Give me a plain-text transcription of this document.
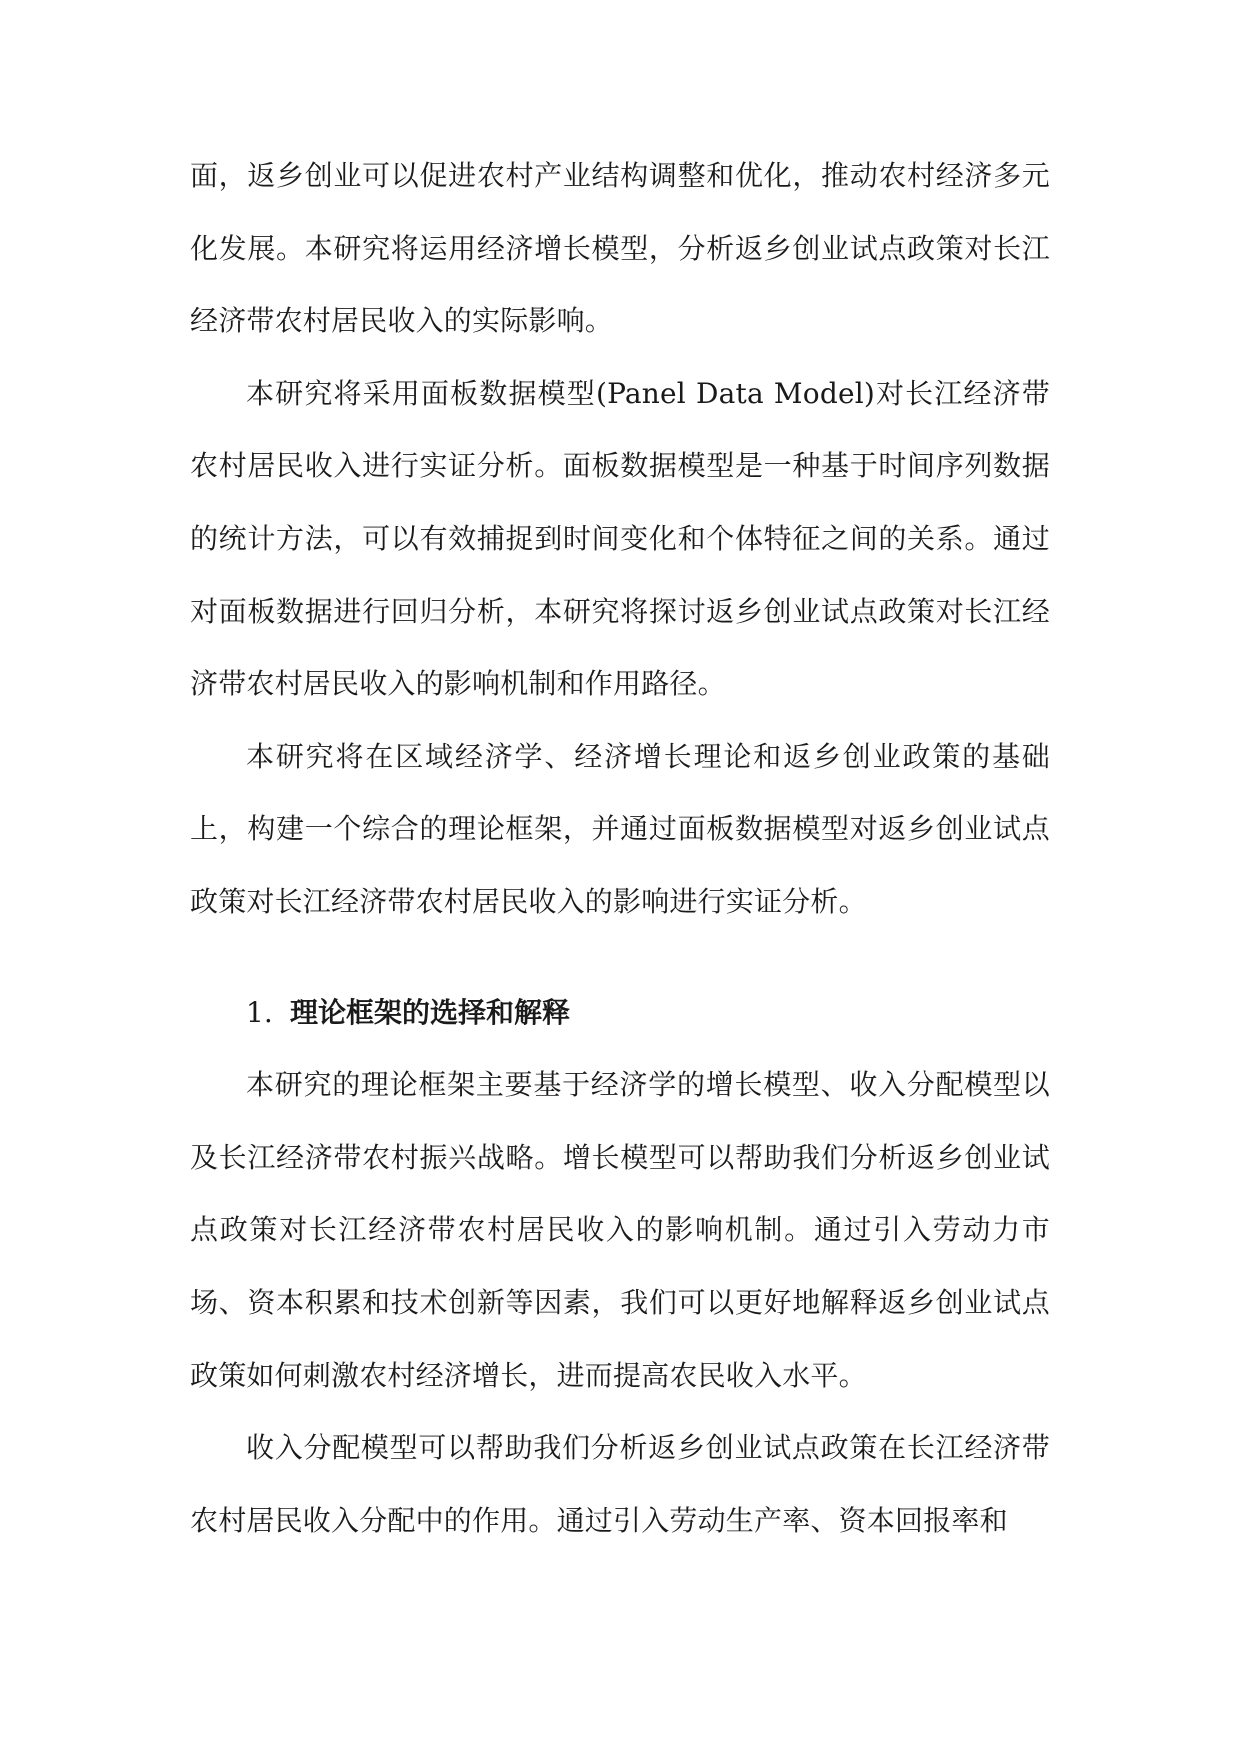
面，返乡创业可以促进农村产业结构调整和优化，推动农村经济多元化发展。本研究将运用经济增长模型，分析返乡创业试点政策对长江经济带农村居民收入的实际影响。

本研究将采用面板数据模型(Panel Data Model)对长江经济带农村居民收入进行实证分析。面板数据模型是一种基于时间序列数据的统计方法，可以有效捕捉到时间变化和个体特征之间的关系。通过对面板数据进行回归分析，本研究将探讨返乡创业试点政策对长江经济带农村居民收入的影响机制和作用路径。

本研究将在区域经济学、经济增长理论和返乡创业政策的基础上，构建一个综合的理论框架，并通过面板数据模型对返乡创业试点政策对长江经济带农村居民收入的影响进行实证分析。

1. 理论框架的选择和解释

本研究的理论框架主要基于经济学的增长模型、收入分配模型以及长江经济带农村振兴战略。增长模型可以帮助我们分析返乡创业试点政策对长江经济带农村居民收入的影响机制。通过引入劳动力市场、资本积累和技术创新等因素，我们可以更好地解释返乡创业试点政策如何刺激农村经济增长，进而提高农民收入水平。

收入分配模型可以帮助我们分析返乡创业试点政策在长江经济带农村居民收入分配中的作用。通过引入劳动生产率、资本回报率和
